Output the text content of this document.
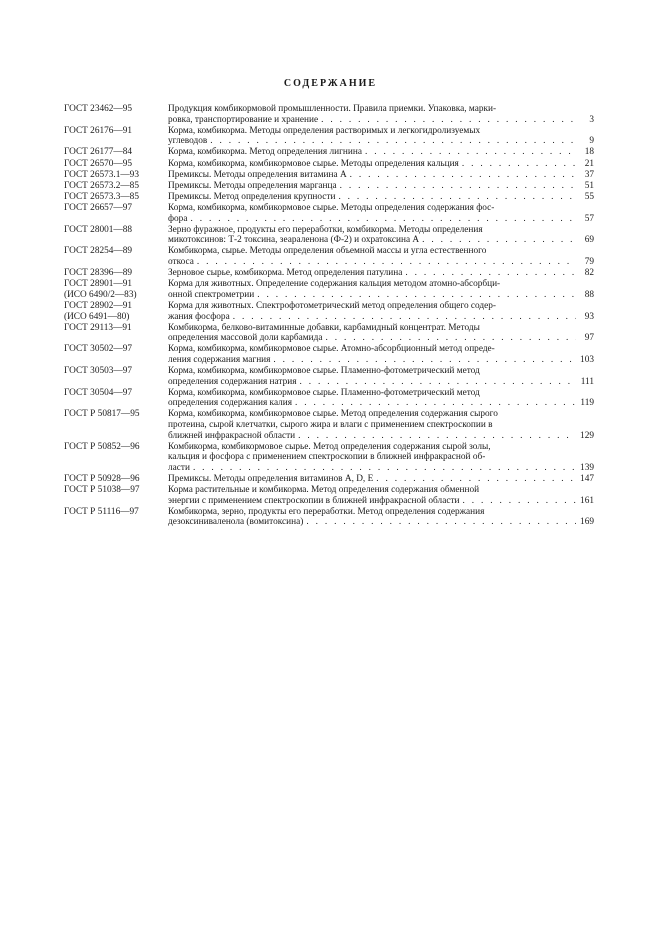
СОДЕРЖАНИЕ
ГОСТ 23462—95	Продукция комбикормовой промышленности. Правила приемки. Упаковка, марки-
ровка, транспортирование и хранение . . .	3
ГОСТ 26176—91	Корма, комбикорма. Методы определения растворимых и легкогидролизуемых
углеводов . . .	9
ГОСТ 26177—84	Корма, комбикорма. Метод определения лигнина . . .	18
ГОСТ 26570—95	Корма, комбикорма, комбикормовое сырье. Методы определения кальция . . .	21
ГОСТ 26573.1—93	Премиксы. Методы определения витамина А . . .	37
ГОСТ 26573.2—85	Премиксы. Методы определения марганца . . .	51
ГОСТ 26573.3—85	Премиксы. Метод определения крупности . . .	55
ГОСТ 26657—97	Корма, комбикорма, комбикормовое сырье. Методы определения содержания фос-
фора . . .	57
ГОСТ 28001—88	Зерно фуражное, продукты его переработки, комбикорма. Методы определения
микотоксинов: Т-2 токсина, зеараленона (Ф-2) и охратоксина А . . .	69
ГОСТ 28254—89	Комбикорма, сырье. Методы определения объемной массы и угла естественного
откоса . . .	79
ГОСТ 28396—89	Зерновое сырье, комбикорма. Метод определения патулина . . .	82
ГОСТ 28901—91
(ИСО 6490/2—83)
Корма для животных. Определение содержания кальция методом атомно-абсорбци-
онной спектрометрии . . .	88
ГОСТ 28902—91
(ИСО 6491—80)
Корма для животных. Спектрофотометрический метод определения общего содер-
жания фосфора . . .	93
ГОСТ 29113—91	Комбикорма, белково-витаминные добавки, карбамидный концентрат. Методы
определения массовой доли карбамида . . .	97
ГОСТ 30502—97	Корма, комбикорма, комбикормовое сырье. Атомно-абсорбционный метод опреде-
ления содержания магния . . .	103
ГОСТ 30503—97	Корма, комбикорма, комбикормовое сырье. Пламенно-фотометрический метод
определения содержания натрия . . .	111
ГОСТ 30504—97	Корма, комбикорма, комбикормовое сырье. Пламенно-фотометрический метод
определения содержания калия . . .	119
ГОСТ Р 50817—95	Корма, комбикорма, комбикормовое сырье. Метод определения содержания сырого
протеина, сырой клетчатки, сырого жира и влаги с применением спектроскопии в
ближней инфракрасной области . . .	129
ГОСТ Р 50852—96	Комбикорма, комбикормовое сырье. Метод определения содержания сырой золы,
кальция и фосфора с применением спектроскопии в ближней инфракрасной об-
ласти . . .	139
ГОСТ Р 50928—96	Премиксы. Методы определения витаминов А, D, Е . . .	147
ГОСТ Р 51038—97	Корма растительные и комбикорма. Метод определения содержания обменной
энергии с применением спектроскопии в ближней инфракрасной области . . .	161
ГОСТ Р 51116—97	Комбикорма, зерно, продукты его переработки. Метод определения содержания
дезоксиниваленола (вомитоксина) . . .	169
